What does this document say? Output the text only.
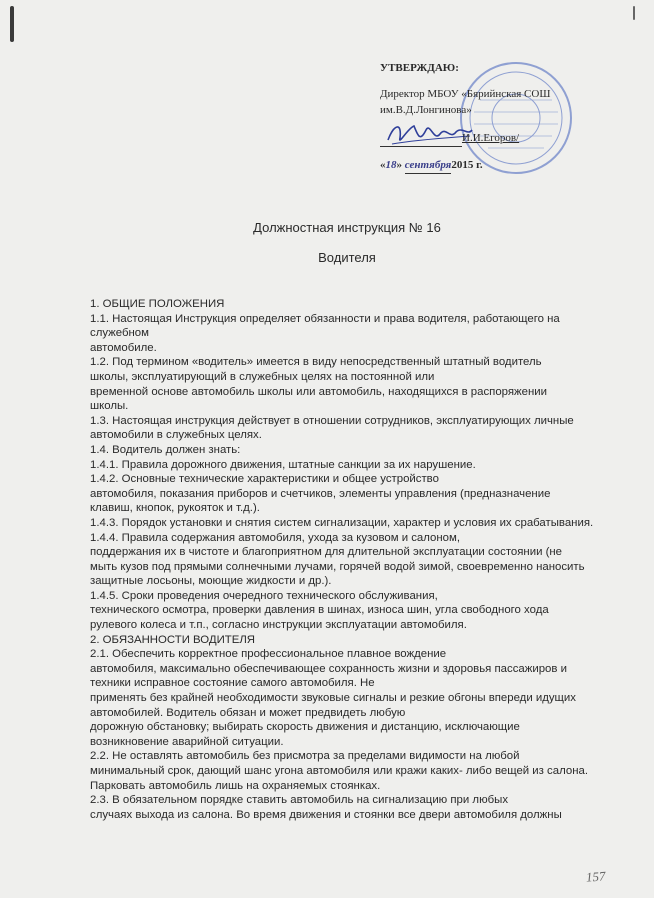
УТВЕРЖДАЮ:
Директор МБОУ «Бярийнская СОШ
им.В.Д.Лонгинова»
И.И.Егоров/
«18» сентября2015 г.
Должностная инструкция № 16
Водителя

1. ОБЩИЕ ПОЛОЖЕНИЯ

1.1. Настоящая Инструкция определяет обязанности и права водителя, работающего на

служебном

автомобиле.

1.2. Под термином «водитель» имеется в виду непосредственный штатный водитель

школы, эксплуатирующий в служебных целях на постоянной или

временной основе автомобиль школы или автомобиль, находящихся в распоряжении

школы.

1.3. Настоящая инструкция действует в отношении сотрудников, эксплуатирующих личные

автомобили в служебных целях.

1.4. Водитель должен знать:

1.4.1. Правила дорожного движения, штатные санкции за их нарушение.

1.4.2. Основные технические характеристики и общее устройство

автомобиля, показания приборов и счетчиков, элементы управления (предназначение

клавиш, кнопок, рукояток и т.д.).

1.4.3. Порядок установки и снятия систем сигнализации, характер и условия их срабатывания.

1.4.4. Правила содержания автомобиля, ухода за кузовом и салоном,

поддержания их в чистоте и благоприятном для длительной эксплуатации состоянии (не

мыть кузов под прямыми солнечными лучами, горячей водой зимой, своевременно наносить

защитные лосьоны, моющие жидкости и др.).

1.4.5. Сроки проведения очередного технического обслуживания,

технического осмотра, проверки давления в шинах, износа шин, угла свободного хода

рулевого колеса и т.п., согласно инструкции эксплуатации автомобиля.

2. ОБЯЗАННОСТИ ВОДИТЕЛЯ

2.1. Обеспечить корректное профессиональное плавное вождение

автомобиля, максимально обеспечивающее сохранность жизни и здоровья пассажиров и

техники исправное состояние самого автомобиля. Не

применять без крайней необходимости звуковые сигналы и резкие обгоны впереди идущих

автомобилей. Водитель обязан и может предвидеть любую

дорожную обстановку; выбирать скорость движения и дистанцию, исключающие

возникновение аварийной ситуации.

2.2. Не оставлять автомобиль без присмотра за пределами видимости на любой

минимальный срок, дающий шанс угона автомобиля или кражи каких- либо вещей из салона.

Парковать автомобиль лишь на охраняемых стоянках.

2.3. В обязательном порядке ставить автомобиль на сигнализацию при любых

случаях выхода из салона. Во время движения и стоянки все двери автомобиля должны

157
